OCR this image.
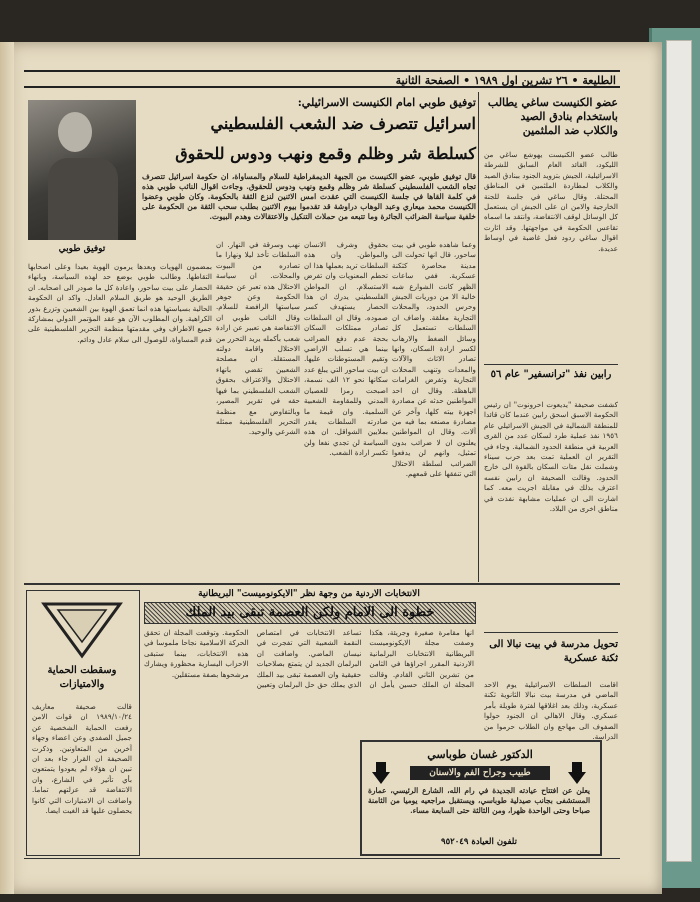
الطليعة • ٢٦ تشرين اول ١٩٨٩ • الصفحة الثانية
عضو الكنيست ساغي يطالب باستخدام بنادق الصيد والكلاب ضد الملثمين
طالب عضو الكنيست يهوشع ساغي من الليكود، القائد العام السابق للشرطة الاسرائيلية، الجيش بتزويد الجنود ببنادق الصيد والكلاب لمطاردة الملثمين في المناطق المحتلة. وقال ساغي في جلسة للجنة الخارجية والامن ان على الجيش ان يستعمل كل الوسائل لوقف الانتفاضة، وانتقد ما اسماه تقاعس الحكومة في مواجهتها. وقد اثارت اقوال ساغي ردود فعل غاضبة في اوساط عديدة.
رابين نفذ "ترانسفير" عام ٥٦
كشفت صحيفة "يديعوت احرونوت" ان رئيس الحكومة الاسبق اسحق رابين عندما كان قائدا للمنطقة الشمالية في الجيش الاسرائيلي عام ١٩٥٦ نفذ عملية طرد لسكان عدد من القرى العربية في منطقة الحدود الشمالية. وجاء في التقرير ان العملية تمت بعد حرب سيناء وشملت نقل مئات السكان بالقوة الى خارج الحدود. وقالت الصحيفة ان رابين نفسه اعترف بذلك في مقابلة اجريت معه. كما اشارت الى ان عمليات مشابهة نفذت في مناطق اخرى من البلاد.
تحويل مدرسة في بيت نبالا الى ثكنة عسكرية
اقامت السلطات الاسرائيلية يوم الاحد الماضي في مدرسة بيت نبالا الثانوية ثكنة عسكرية، وذلك بعد اغلاقها لفترة طويلة بأمر عسكري. وقال الاهالي ان الجنود حولوا الصفوف الى مهاجع وان الطلاب حرموا من الدراسة.
توفيق طوبي امام الكنيست الاسرائيلي:
اسرائيل تتصرف ضد الشعب الفلسطيني
كسلطة شر وظلم وقمع ونهب ودوس للحقوق
توفيق طوبي
قال توفيق طوبي، عضو الكنيست من الجبهة الديمقراطية للسلام والمساواة، ان حكومة اسرائيل تتصرف تجاه الشعب الفلسطيني كسلطة شر وظلم وقمع ونهب ودوس للحقوق. وجاءت اقوال النائب طوبي هذه في كلمة القاها في جلسة الكنيست التي عقدت امس الاثنين لنزع الثقة بالحكومة. وكان طوبي وعضوا الكنيست محمد ميعاري وعبد الوهاب دراوشة قد تقدموا بيوم الاثنين بطلب سحب الثقة من الحكومة على خلفية سياسة الضرائب الجائرة وما تتبعه من حملات التنكيل والاعتقالات وهدم البيوت.
وعما شاهده طوبي في بيت ساحور، قال انها تحولت الى مدينة محاصرة كثكنة عسكرية. ففي ساعات الظهر كانت الشوارع شبه خالية الا من دوريات الجيش وحرس الحدود، والمحلات التجارية مغلقة. واضاف ان السلطات تستعمل كل وسائل الضغط والارهاب لكسر ارادة السكان، وانها تصادر الاثاث والآلات والمعدات وتنهب المحلات التجارية وتفرض الغرامات الباهظة. وقال ان احد المواطنين حدثه عن مصادرة اجهزة بيته كلها، وآخر عن مصادرة مصنعه بما فيه من آلات. وقال ان المواطنين يعلنون ان لا ضرائب بدون تمثيل، وانهم لن يدفعوا الضرائب لسلطة الاحتلال التي تنفقها على قمعهم.
بحقوق وشرف الانسان والمواطن. وان هذه السلطات تريد بعملها هذا ان تحطم المعنويات وان تفرض الاستسلام. ان المواطن الفلسطيني يدرك ان هذا الحصار يستهدف كسر صموده. وقال ان السلطات تصادر ممتلكات السكان بحجة عدم دفع الضرائب بينما هي تسلب الاراضي وتقيم المستوطنات عليها. ان بيت ساحور التي يبلغ عدد سكانها نحو ١٢ الف نسمة، اصبحت رمزا للعصيان المدني وللمقاومة الشعبية السلمية. وان قيمة ما صادرته السلطات يقدر بملايين الشواقل. ان هذه السياسة لن تجدي نفعا ولن تكسر ارادة الشعب.
نهب وسرقة في النهار. ان السلطات تأخذ ليلا ونهارا ما تصادره من البيوت والمحلات. ان سياسة الاحتلال هذه تعبر عن حقيقة الحكومة وعن جوهر سياستها الرافضة للسلام. وقال النائب طوبي ان الانتفاضة هي تعبير عن ارادة شعب بأكمله يريد التحرر من الاحتلال واقامة دولته المستقلة. ان مصلحة الشعبين تقضي بانهاء الاحتلال والاعتراف بحقوق الشعب الفلسطيني بما فيها حقه في تقرير المصير، وبالتفاوض مع منظمة التحرير الفلسطينية ممثله الشرعي والوحيد.
بمضمون الهويات وبعدها يرمون الهوية بعيدا وعلى اصحابها التقاطها. وطالب طوبي بوضع حد لهذه السياسة، وبانهاء الحصار على بيت ساحور، واعادة كل ما صودر الى اصحابه. ان الطريق الوحيد هو طريق السلام العادل. واكد ان الحكومة الحالية بسياستها هذه انما تعمق الهوة بين الشعبين وتزرع بذور الكراهية. وان المطلوب الآن هو عقد المؤتمر الدولي بمشاركة جميع الاطراف وفي مقدمتها منظمة التحرير الفلسطينية على قدم المساواة، للوصول الى سلام عادل ودائم.
وسقطت الحماية والامتيازات
قالت صحيفة معاريف ١٩٨٩/١٠/٢٤ ان قوات الامن رفعت الحماية الشخصية عن جميل الصفدي وعن اعضاء وجهاء آخرين من المتعاونين. وذكرت الصحيفة ان القرار جاء بعد ان تبين ان هؤلاء لم يعودوا يتمتعون بأي تأثير في الشارع، وان الانتفاضة قد عزلتهم تماما. واضافت ان الامتيازات التي كانوا يحصلون عليها قد الغيت ايضا.
الانتخابات الاردنية من وجهة نظر "الايكونوميست" البريطانية
خطوة الى الامام ولكن العصمة تبقى بيد الملك
انها مقامرة صغيرة وجريئة، هكذا وصفت مجلة الايكونوميست البريطانية الانتخابات البرلمانية الاردنية المقرر اجراؤها في الثامن من تشرين الثاني القادم. وقالت المجلة ان الملك حسين يأمل ان تساعد الانتخابات في امتصاص النقمة الشعبية التي تفجرت في نيسان الماضي. واضافت ان البرلمان الجديد لن يتمتع بصلاحيات حقيقية وان العصمة تبقى بيد الملك الذي يملك حق حل البرلمان وتعيين الحكومة. وتوقعت المجلة ان تحقق الحركة الاسلامية نجاحا ملموسا في هذه الانتخابات، بينما ستبقى الاحزاب اليسارية محظورة ويشارك مرشحوها بصفة مستقلين.
الدكتور غسان طوباسي
طبيب وجراح الفم والاسنان
يعلن عن افتتاح عيادته الجديدة في رام الله، الشارع الرئيسي، عمارة المستشفى بجانب صيدلية طوباسي، ويستقبل مراجعيه يوميا من الثامنة صباحا وحتى الواحدة ظهرا، ومن الثالثة حتى السابعة مساء.
تلفون العيادة ٩٥٢٠٤٩
